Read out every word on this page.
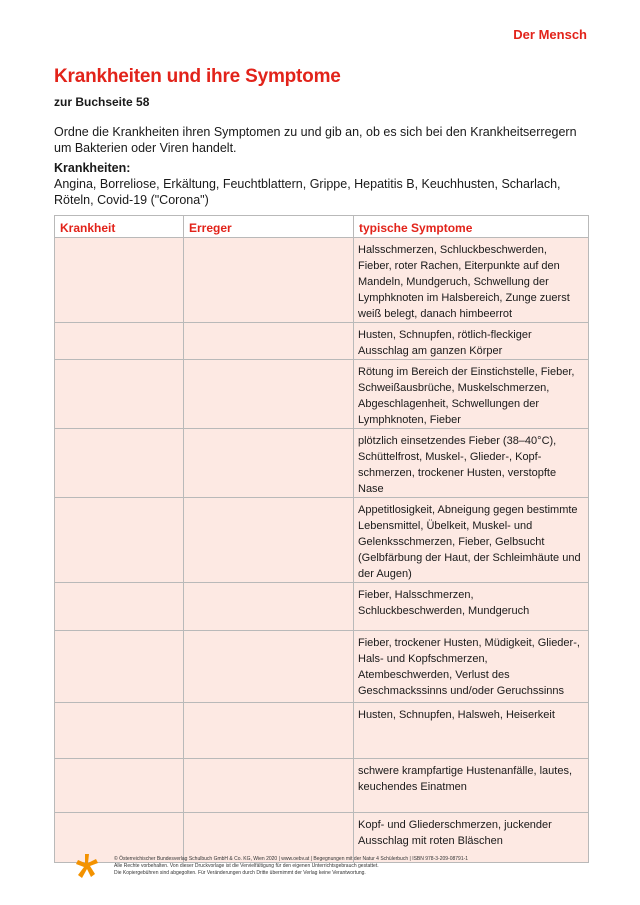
Der Mensch
Krankheiten und ihre Symptome
zur Buchseite 58
Ordne die Krankheiten ihren Symptomen zu und gib an, ob es sich bei den Krankheitserregern um Bakterien oder Viren handelt.
Krankheiten:
Angina, Borreliose, Erkältung, Feuchtblattern, Grippe, Hepatitis B, Keuchhusten, Scharlach, Röteln, Covid-19 ("Corona")
Krankheit	Erreger	typische Symptome
		Halsschmerzen, Schluckbeschwerden, Fieber, roter Rachen, Eiterpunkte auf den Mandeln, Mundgeruch, Schwellung der Lymphknoten im Halsbereich, Zunge zuerst weiß belegt, danach himbeerrot
		Husten, Schnupfen, rötlich-fleckiger Ausschlag am ganzen Körper
		Rötung im Bereich der Einstichstelle, Fieber, Schweißausbrüche, Muskelschmerzen, Abgeschlagenheit, Schwellungen der Lymphknoten, Fieber
		plötzlich einsetzendes Fieber (38–40°C), Schüttelfrost, Muskel-, Glieder-, Kopf-schmerzen, trockener Husten, verstopfte Nase
		Appetitlosigkeit, Abneigung gegen bestimmte Lebensmittel, Übelkeit, Muskel- und Gelenksschmerzen, Fieber, Gelbsucht (Gelbfärbung der Haut, der Schleimhäute und der Augen)
		Fieber, Halsschmerzen, Schluckbeschwerden, Mundgeruch
		Fieber, trockener Husten, Müdigkeit, Glieder-, Hals- und Kopfschmerzen, Atembeschwerden, Verlust des Geschmackssinns und/oder Geruchssinns
		Husten, Schnupfen, Halsweh, Heiserkeit
		schwere krampfartige Hustenanfälle, lautes, keuchendes Einatmen
		Kopf- und Gliederschmerzen, juckender Ausschlag mit roten Bläschen
© Österreichischer Bundesverlag Schulbuch GmbH & Co. KG, Wien 2020 | www.oebv.at | Begegnungen mit der Natur 4 Schülerbuch | ISBN 978-3-209-08791-1
Alle Rechte vorbehalten. Von dieser Druckvorlage ist die Vervielfältigung für den eigenen Unterrichtsgebrauch gestattet.
Die Kopiergebühren sind abgegolten. Für Veränderungen durch Dritte übernimmt der Verlag keine Verantwortung.
